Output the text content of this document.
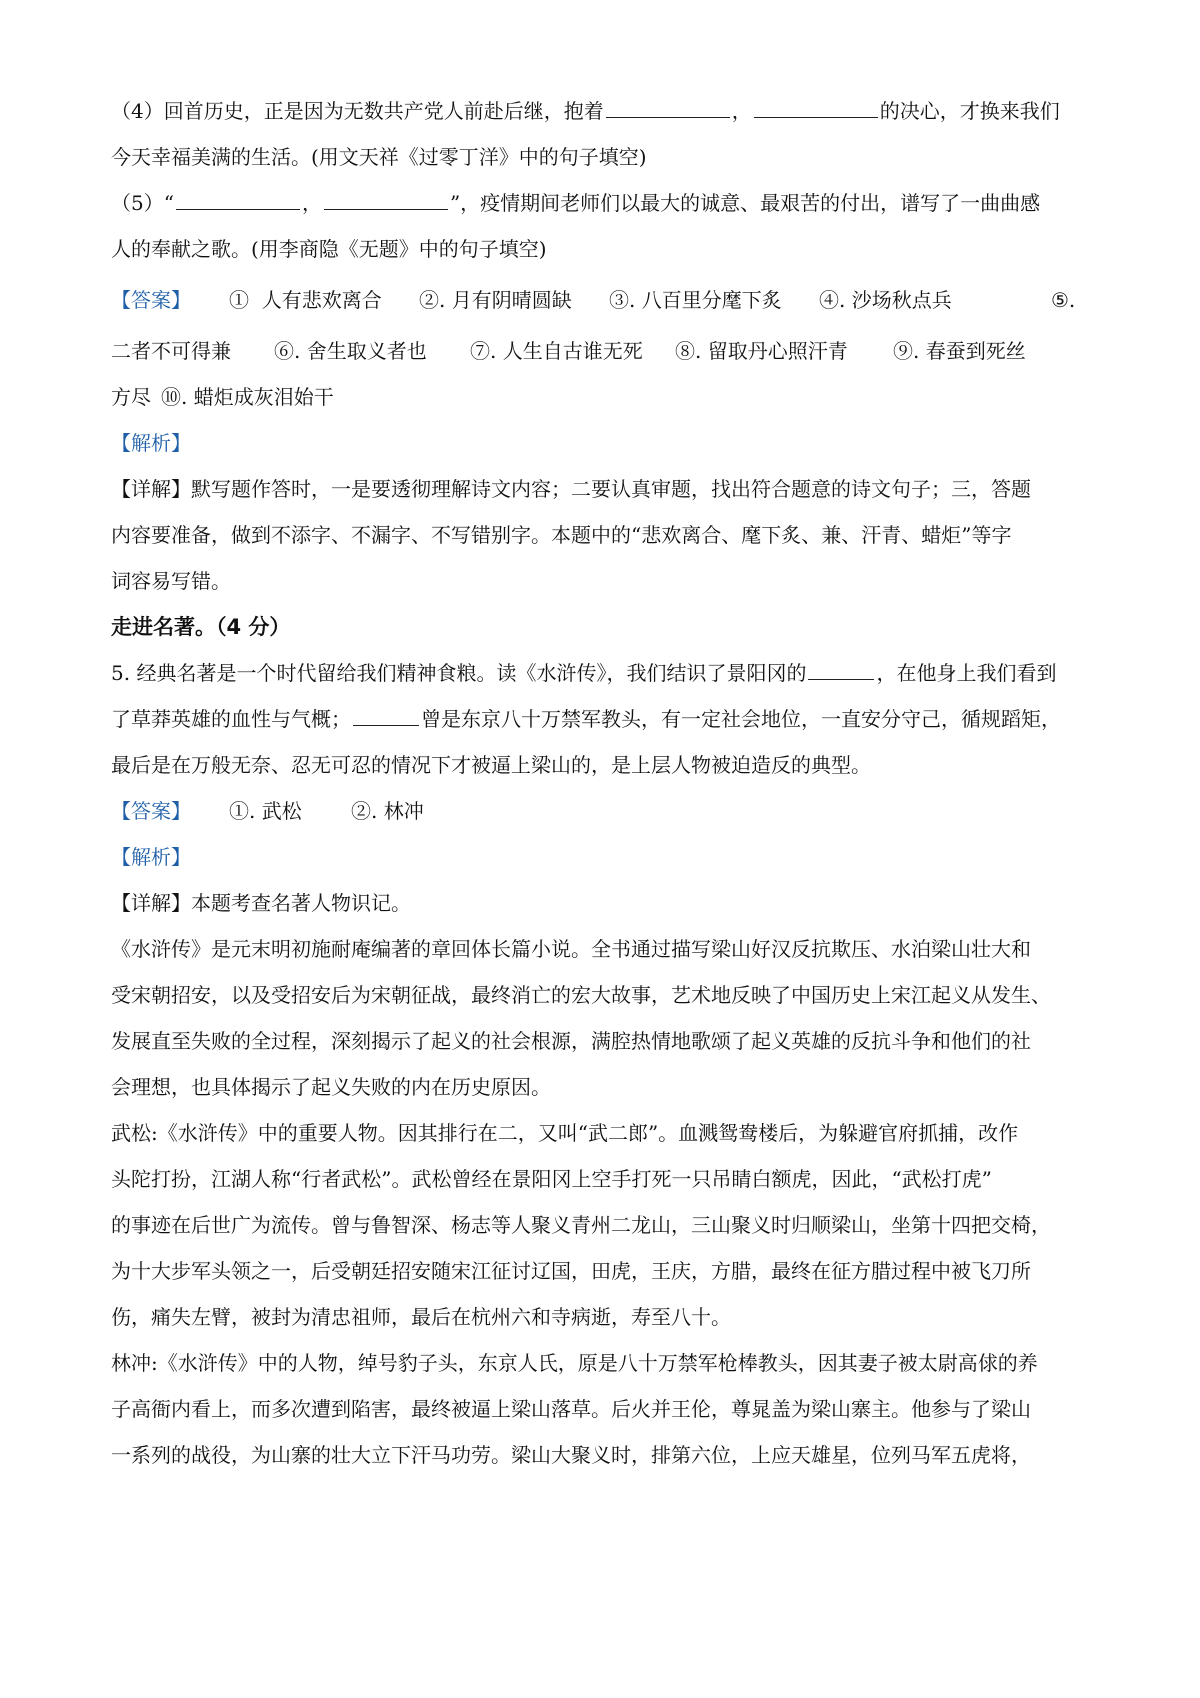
（4）回首历史，正是因为无数共产党人前赴后继，抱着	，	的决心，才换来我们

今天幸福美满的生活。(用文天祥《过零丁洋》中的句子填空)

（5）“	，	”，疫情期间老师们以最大的诚意、最艰苦的付出，谱写了一曲曲感

人的奉献之歌。(用李商隐《无题》中的句子填空)

【答案】	①  人有悲欢离合	②. 月有阴晴圆缺	③. 八百里分麾下炙	④. 沙场秋点兵	⑤.
二者不可得兼	⑥. 舍生取义者也	⑦. 人生自古谁无死	⑧. 留取丹心照汗青	⑨. 春蚕到死丝
方尽 ⑩. 蜡炬成灰泪始干

【解析】

【详解】默写题作答时，一是要透彻理解诗文内容；二要认真审题，找出符合题意的诗文句子；三，答题

内容要准备，做到不添字、不漏字、不写错别字。本题中的“悲欢离合、麾下炙、兼、汗青、蜡炬”等字

词容易写错。

走进名著。（4 分）

5. 经典名著是一个时代留给我们精神食粮。读《水浒传》，我们结识了景阳冈的	，在他身上我们看到

了草莽英雄的血性与气概；	曾是东京八十万禁军教头，有一定社会地位，一直安分守己，循规蹈矩，

最后是在万般无奈、忍无可忍的情况下才被逼上梁山的，是上层人物被迫造反的典型。

【答案】	①. 武松	②. 林冲

【解析】

【详解】本题考查名著人物识记。

《水浒传》是元末明初施耐庵编著的章回体长篇小说。全书通过描写梁山好汉反抗欺压、水泊梁山壮大和

受宋朝招安，以及受招安后为宋朝征战，最终消亡的宏大故事，艺术地反映了中国历史上宋江起义从发生、

发展直至失败的全过程，深刻揭示了起义的社会根源，满腔热情地歌颂了起义英雄的反抗斗争和他们的社

会理想，也具体揭示了起义失败的内在历史原因。

武松:《水浒传》中的重要人物。因其排行在二，又叫“武二郎”。血溅鸳鸯楼后，为躲避官府抓捕，改作

头陀打扮，江湖人称“行者武松”。武松曾经在景阳冈上空手打死一只吊睛白额虎，因此，“武松打虎”

的事迹在后世广为流传。曾与鲁智深、杨志等人聚义青州二龙山，三山聚义时归顺梁山，坐第十四把交椅，

为十大步军头领之一，后受朝廷招安随宋江征讨辽国，田虎，王庆，方腊，最终在征方腊过程中被飞刀所

伤，痛失左臂，被封为清忠祖师，最后在杭州六和寺病逝，寿至八十。

林冲:《水浒传》中的人物，绰号豹子头，东京人氏，原是八十万禁军枪棒教头，因其妻子被太尉高俅的养

子高衙内看上，而多次遭到陷害，最终被逼上梁山落草。后火并王伦，尊晁盖为梁山寨主。他参与了梁山

一系列的战役，为山寨的壮大立下汗马功劳。梁山大聚义时，排第六位，上应天雄星，位列马军五虎将，
